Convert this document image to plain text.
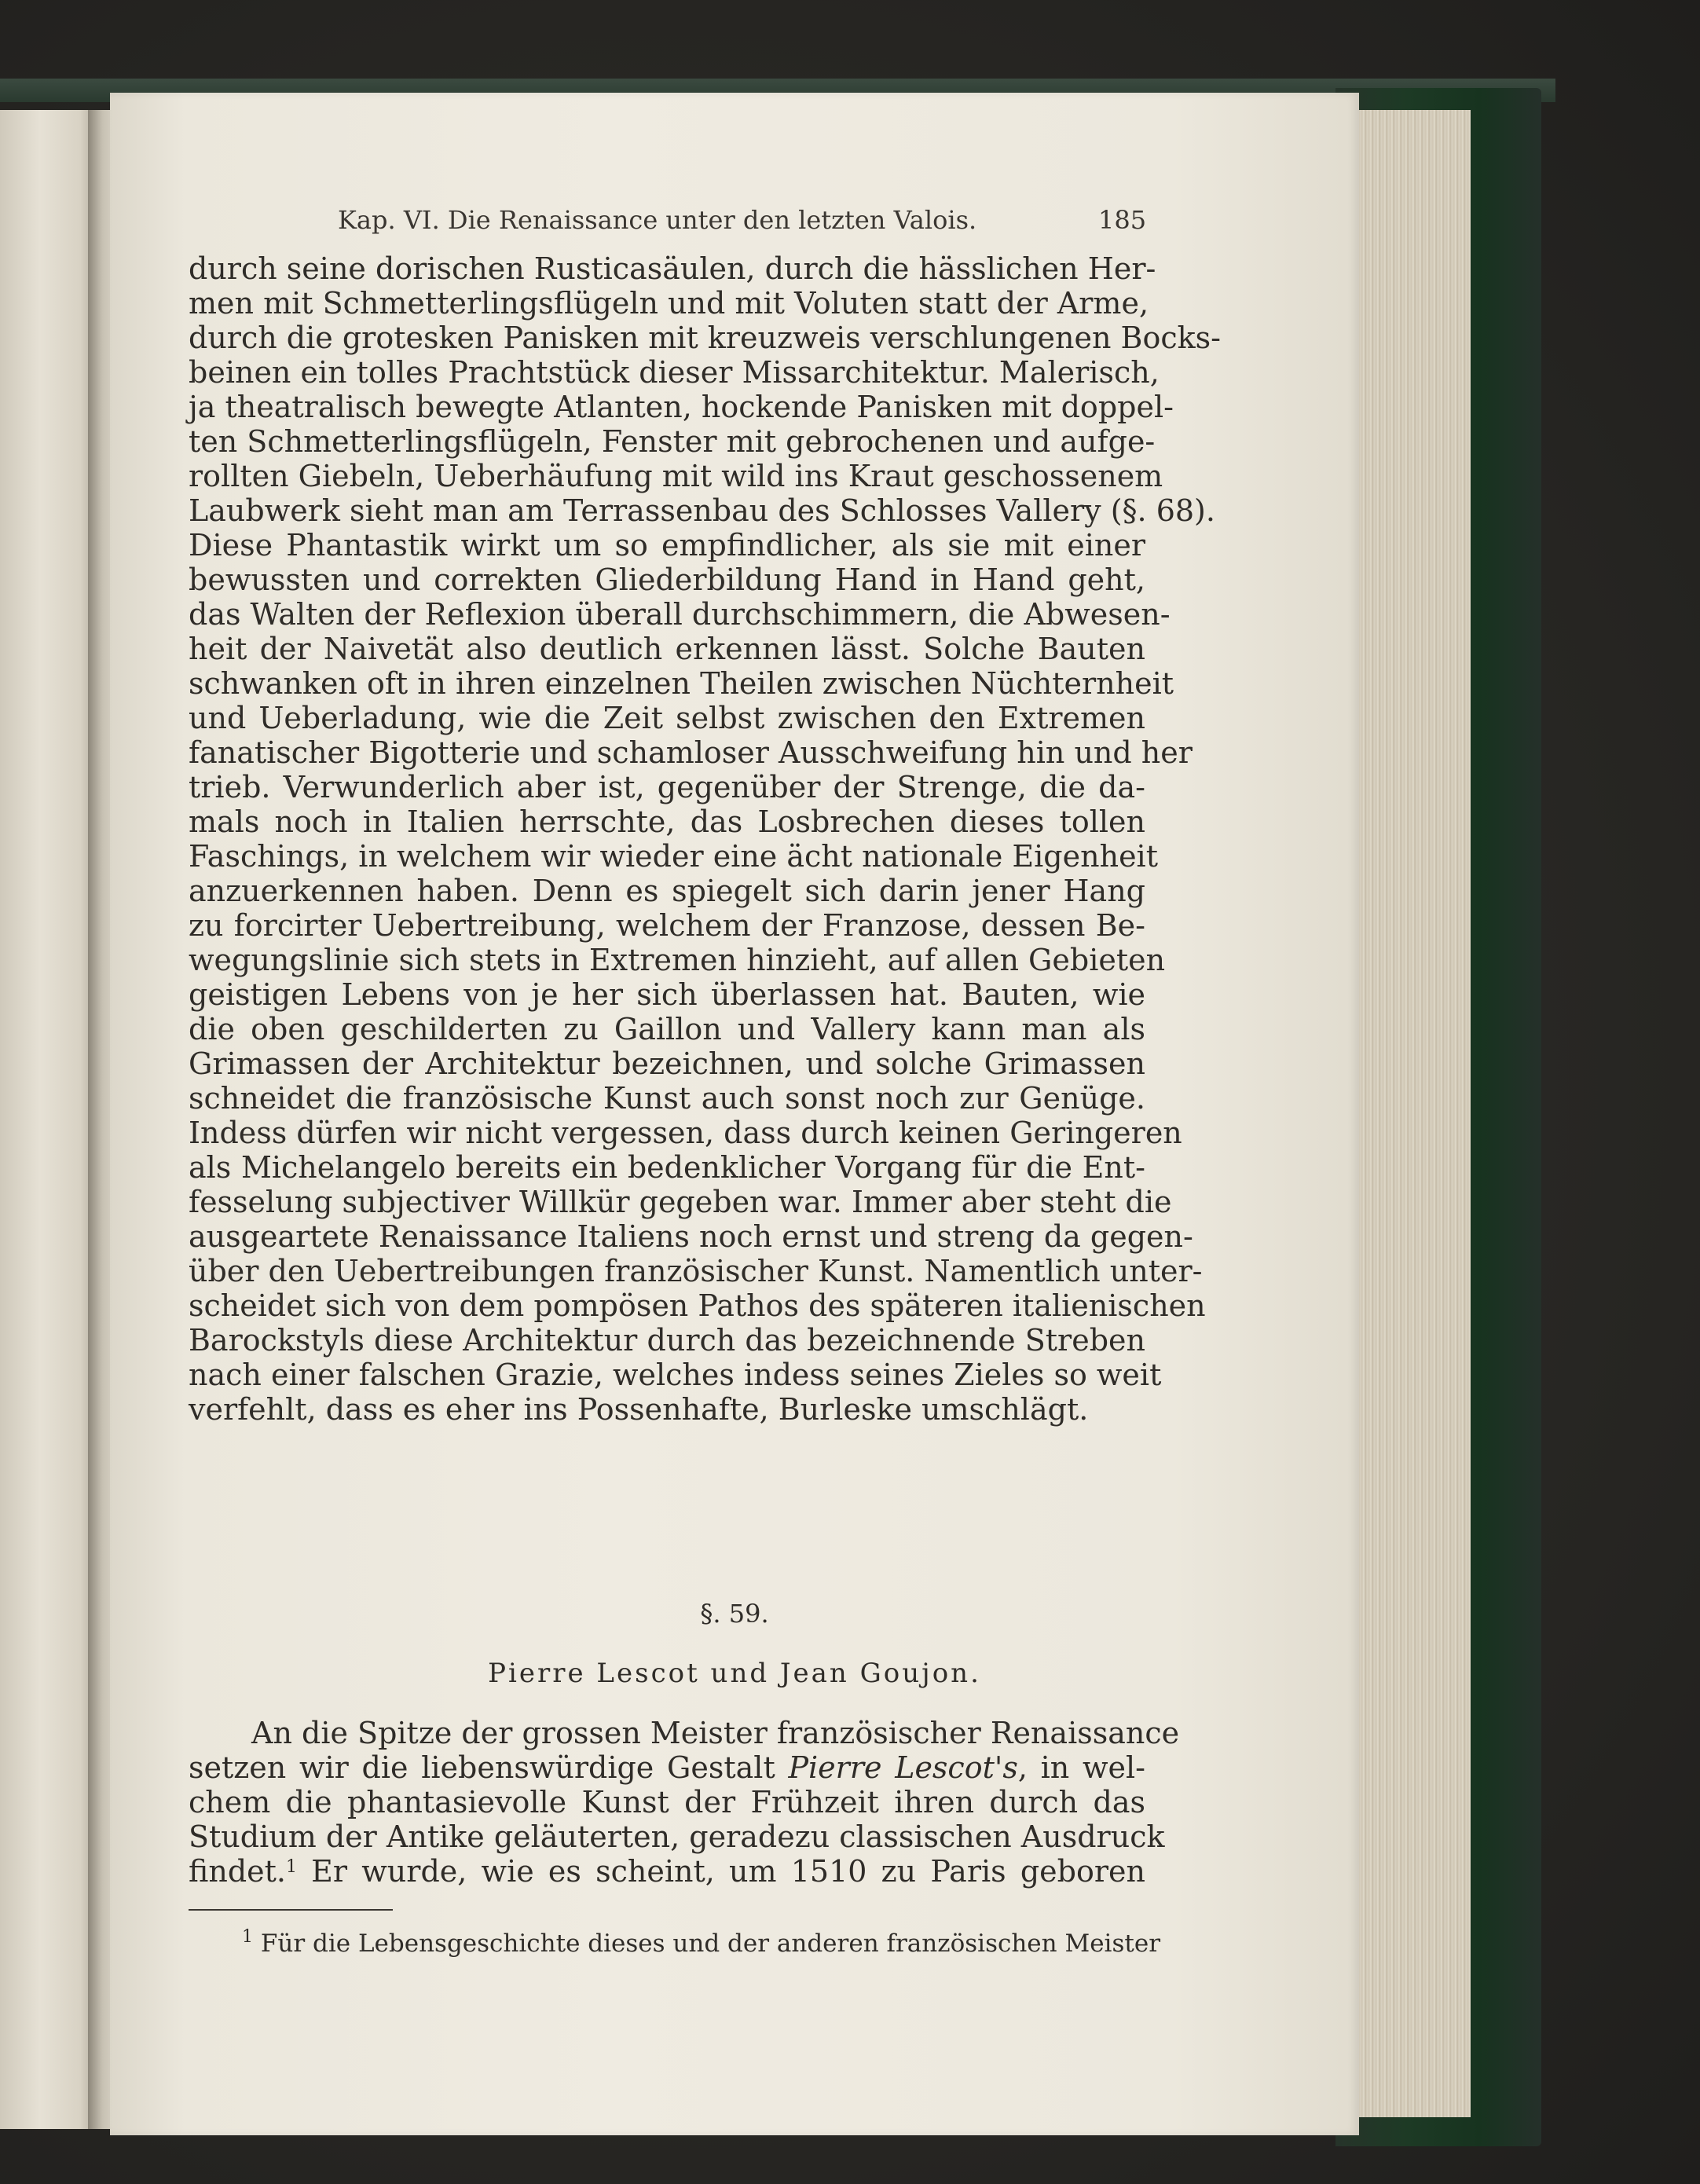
Kap. VI. Die Renaissance unter den letzten Valois.	185
durch seine dorischen Rusticasäulen, durch die hässlichen Her-
men mit Schmetterlingsflügeln und mit Voluten statt der Arme,
durch die grotesken Panisken mit kreuzweis verschlungenen Bocks-
beinen ein tolles Prachtstück dieser Missarchitektur. Malerisch,
ja theatralisch bewegte Atlanten, hockende Panisken mit doppel-
ten Schmetterlingsflügeln, Fenster mit gebrochenen und aufge-
rollten Giebeln, Ueberhäufung mit wild ins Kraut geschossenem
Laubwerk sieht man am Terrassenbau des Schlosses Vallery (§. 68).
Diese Phantastik wirkt um so empfindlicher, als sie mit einer
bewussten und correkten Gliederbildung Hand in Hand geht,
das Walten der Reflexion überall durchschimmern, die Abwesen-
heit der Naivetät also deutlich erkennen lässt. Solche Bauten
schwanken oft in ihren einzelnen Theilen zwischen Nüchternheit
und Ueberladung, wie die Zeit selbst zwischen den Extremen
fanatischer Bigotterie und schamloser Ausschweifung hin und her
trieb. Verwunderlich aber ist, gegenüber der Strenge, die da-
mals noch in Italien herrschte, das Losbrechen dieses tollen
Faschings, in welchem wir wieder eine ächt nationale Eigenheit
anzuerkennen haben. Denn es spiegelt sich darin jener Hang
zu forcirter Uebertreibung, welchem der Franzose, dessen Be-
wegungslinie sich stets in Extremen hinzieht, auf allen Gebieten
geistigen Lebens von je her sich überlassen hat. Bauten, wie
die oben geschilderten zu Gaillon und Vallery kann man als
Grimassen der Architektur bezeichnen, und solche Grimassen
schneidet die französische Kunst auch sonst noch zur Genüge.
Indess dürfen wir nicht vergessen, dass durch keinen Geringeren
als Michelangelo bereits ein bedenklicher Vorgang für die Ent-
fesselung subjectiver Willkür gegeben war. Immer aber steht die
ausgeartete Renaissance Italiens noch ernst und streng da gegen-
über den Uebertreibungen französischer Kunst. Namentlich unter-
scheidet sich von dem pompösen Pathos des späteren italienischen
Barockstyls diese Architektur durch das bezeichnende Streben
nach einer falschen Grazie, welches indess seines Zieles so weit
verfehlt, dass es eher ins Possenhafte, Burleske umschlägt.
§. 59.
Pierre Lescot und Jean Goujon.
An die Spitze der grossen Meister französischer Renaissance
setzen wir die liebenswürdige Gestalt Pierre Lescot's, in wel-
chem die phantasievolle Kunst der Frühzeit ihren durch das
Studium der Antike geläuterten, geradezu classischen Ausdruck
findet.$^1$ Er wurde, wie es scheint, um 1510 zu Paris geboren
$^1$ Für die Lebensgeschichte dieses und der anderen französischen Meister
